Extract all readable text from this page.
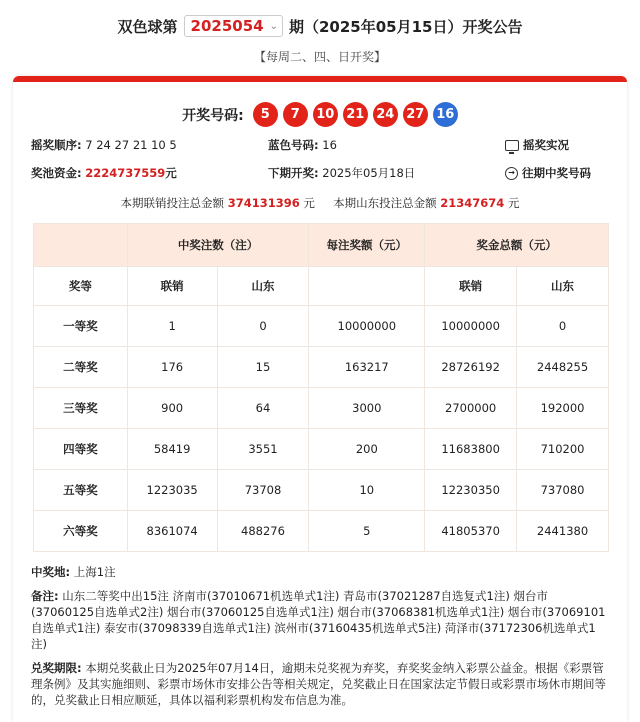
双色球第 2025054 ⌄ 期（2025年05月15日）开奖公告
【每周二、四、日开奖】
开奖号码:	5	7	10 21 24 27 16
摇奖顺序: 7 24 27 21 10 5	蓝色号码: 16	摇奖实况
奖池资金: 2224737559元	下期开奖: 2025年05月18日	→ 往期中奖号码
本期联销投注总金额 374131396 元 本期山东投注总金额 21347674 元
	中奖注数（注）		每注奖额（元）	奖金总额（元）	
奖等	联销	山东		联销	山东
一等奖	1	0	10000000	10000000	0
二等奖	176	15	163217	28726192	2448255
三等奖	900	64	3000	2700000	192000
四等奖	58419	3551	200	11683800	710200
五等奖	1223035	73708	10	12230350	737080
六等奖	8361074	488276	5	41805370	2441380

中奖地: 上海1注

备注: 山东二等奖中出15注 济南市(37010671机选单式1注) 青岛市(37021287自选复式1注) 烟台市(37060125自选单式2注) 烟台市(37060125自选单式1注) 烟台市(37068381机选单式1注) 烟台市(37069101自选单式1注) 泰安市(37098339自选单式1注) 滨州市(37160435机选单式5注) 菏泽市(37172306机选单式1注)

兑奖期限: 本期兑奖截止日为2025年07月14日，逾期未兑奖视为弃奖，弃奖奖金纳入彩票公益金。根据《彩票管理条例》及其实施细则、彩票市场休市安排公告等相关规定，兑奖截止日在国家法定节假日或彩票市场休市期间等的，兑奖截止日相应顺延，具体以福利彩票机构发布信息为准。
